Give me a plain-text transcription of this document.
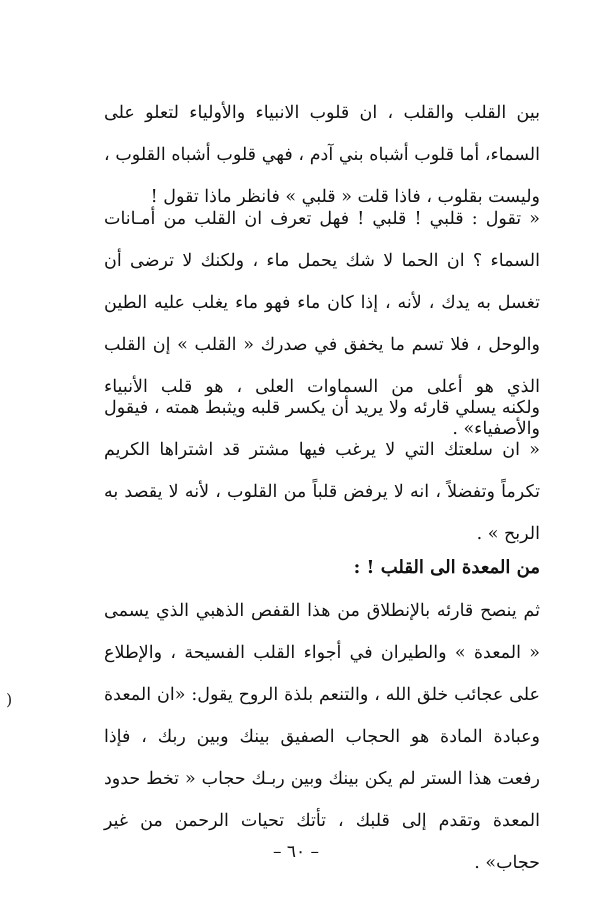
بين القلب والقلب ، ان قلوب الانبياء والأولياء لتعلو على السماء، أما قلوب أشباه بني آدم ، فهي قلوب أشباه القلوب ، وليست بقلوب ، فاذا قلت « قلبي » فانظر ماذا تقول !

« تقول : قلبي ! قلبي ! فهل تعرف ان القلب من أمـانات السماء ؟ ان الحما لا شك يحمل ماء ، ولكنك لا ترضى أن تغسل به يدك ، لأنه ، إذا كان ماء فهو ماء يغلب عليه الطين والوحل ، فلا تسم ما يخفق في صدرك « القلب » إن القلب الذي هو أعلى من السماوات العلى ، هو قلب الأنبياء والأصفياء» .

ولكنه يسلي قارئه ولا يريد أن يكسر قلبه ويثبط همته ، فيقول « ان سلعتك التي لا يرغب فيها مشتر قد اشتراها الكريم تكرماً وتفضلاً ، انه لا يرفض قلباً من القلوب ، لأنه لا يقصد به الربح » .

من المعدة الى القلب ! :

ثم ينصح قارئه بالإنطلاق من هذا القفص الذهبي الذي يسمى « المعدة » والطيران في أجواء القلب الفسيحة ، والإطلاع على عجائب خلق الله ، والتنعم بلذة الروح يقول: «ان المعدة وعبادة المادة هو الحجاب الصفيق بينك وبين ربك ، فإذا رفعت هذا الستر لم يكن بينك وبين ربـك حجاب « تخط حدود المعدة وتقدم إلى قلبك ، تأتك تحيات الرحمن من غير حجاب» .

)
– ٦٠ –
